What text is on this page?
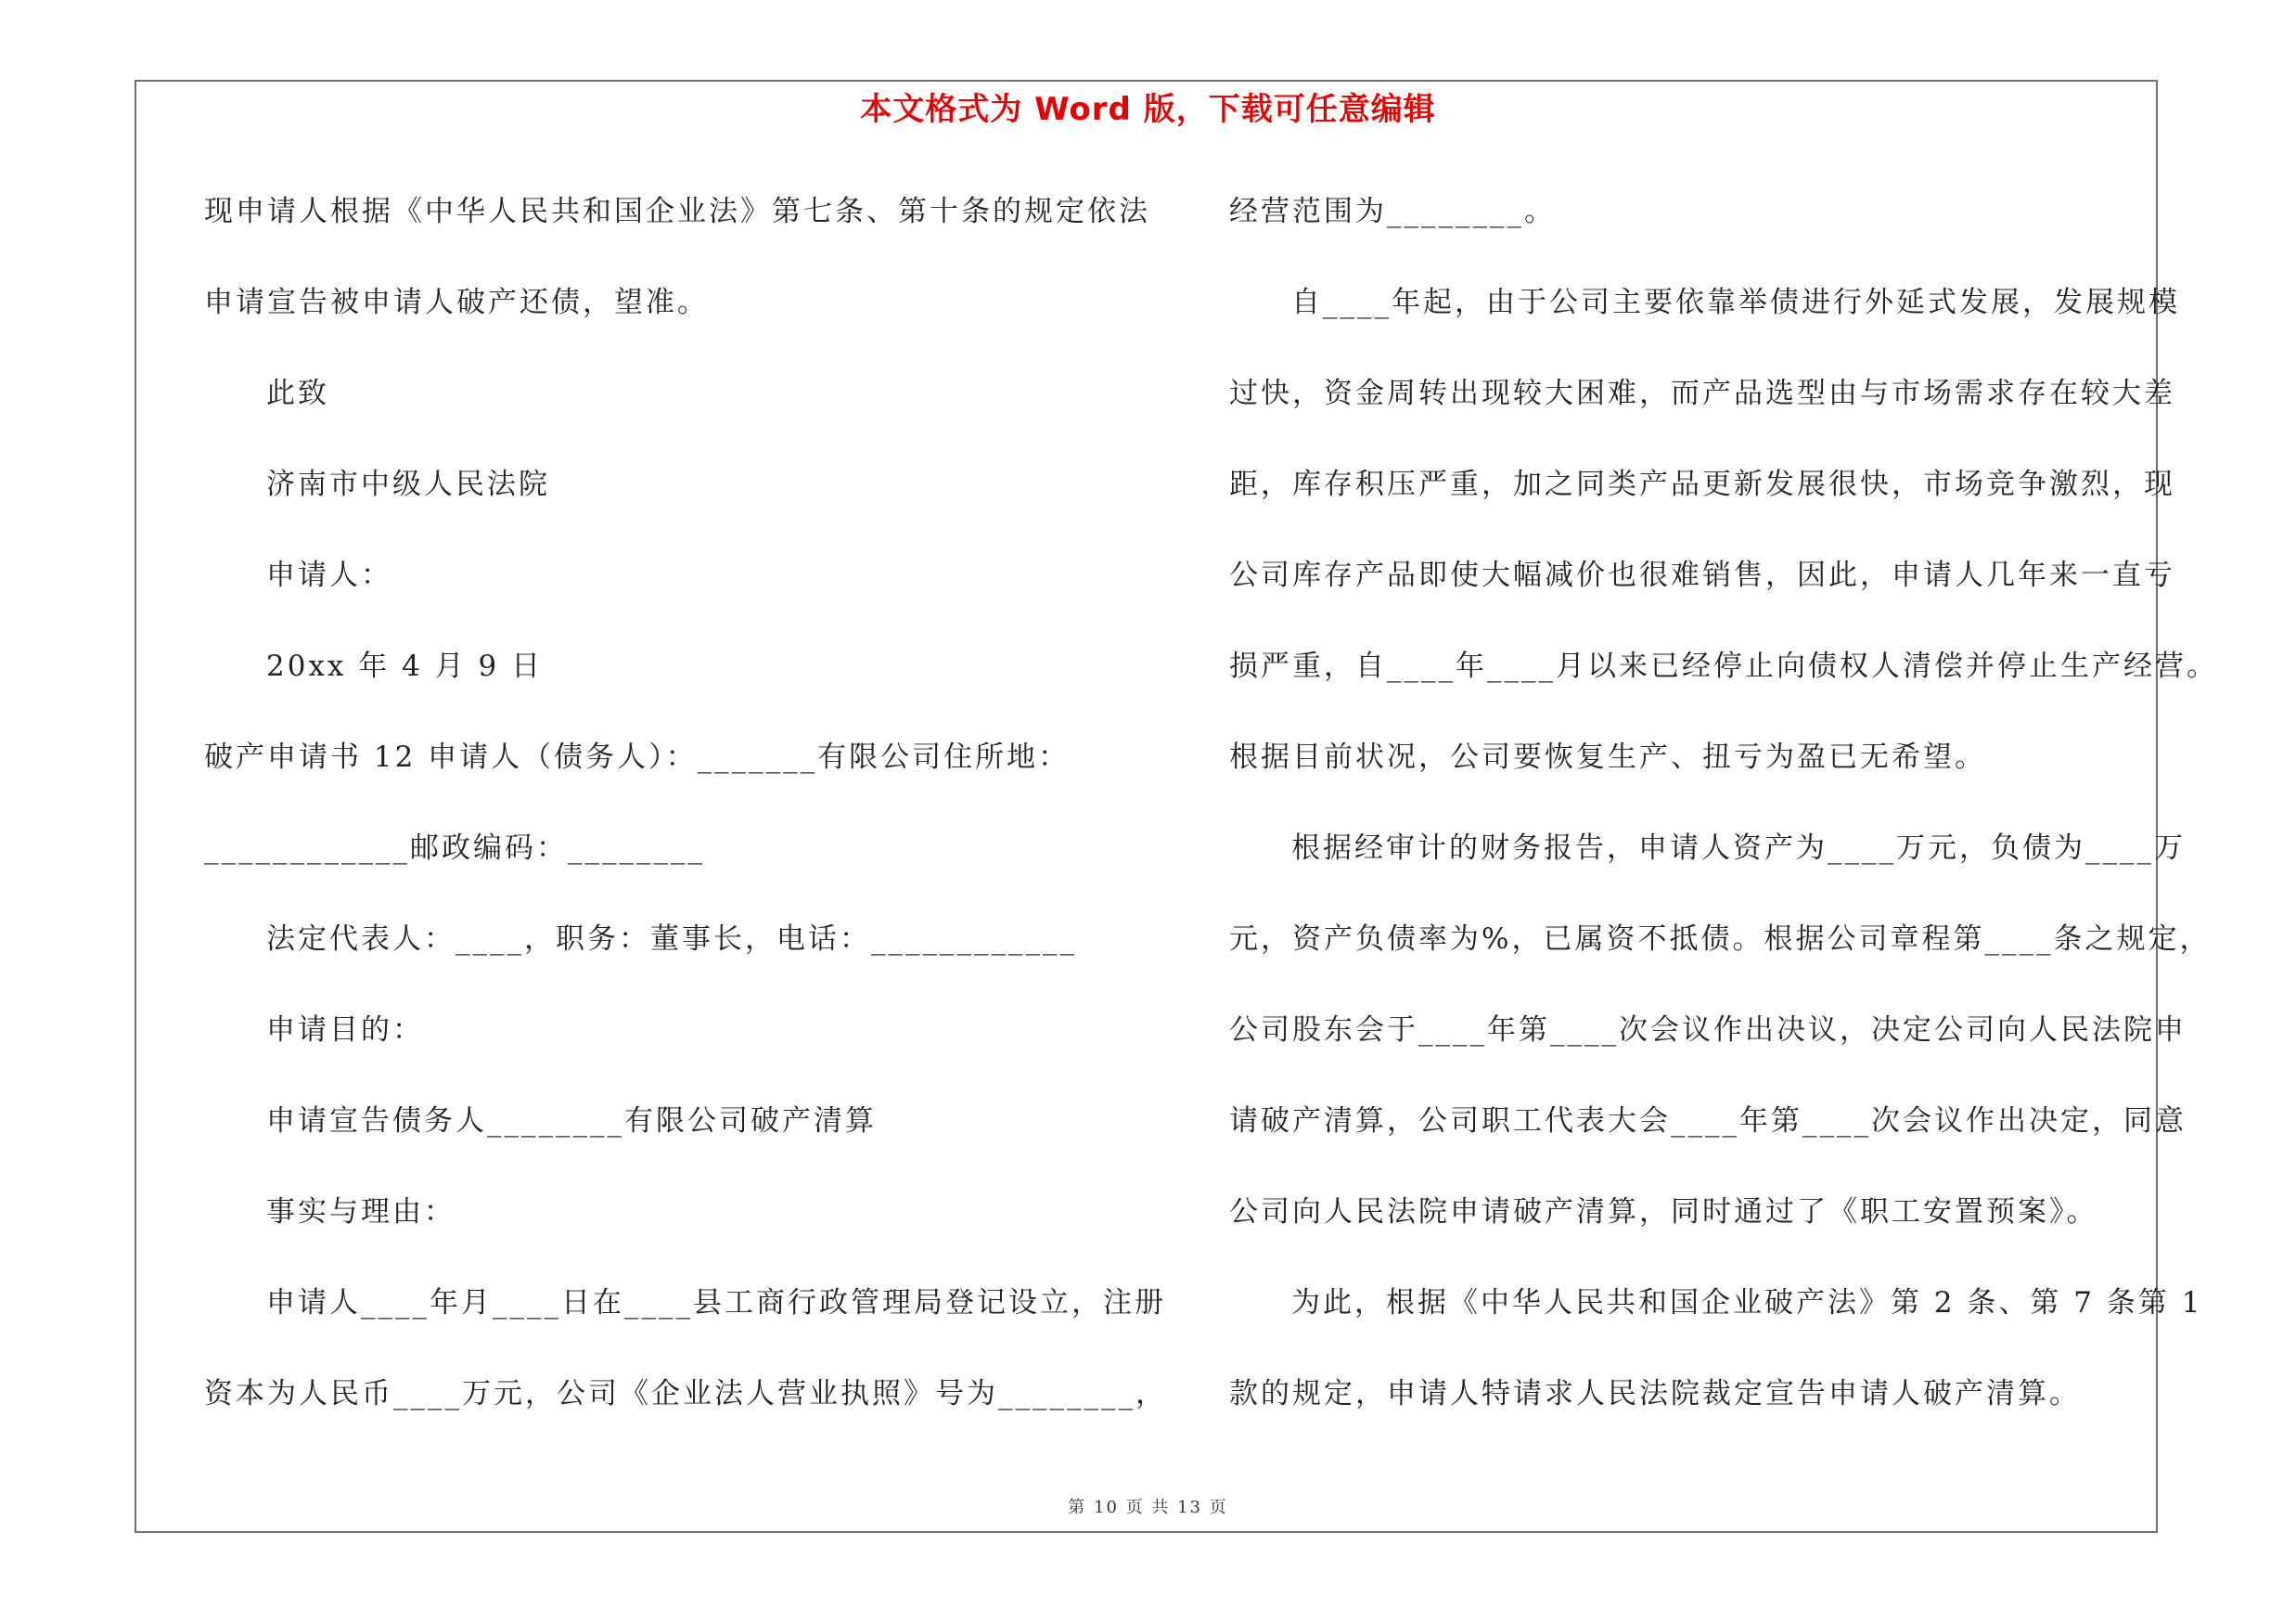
本文格式为 Word 版，下载可任意编辑
现申请人根据《中华人民共和国企业法》第七条、第十条的规定依法
申请宣告被申请人破产还债，望准。
此致
济南市中级人民法院
申请人：
20xx 年 4 月 9 日
破产申请书 12 申请人（债务人）：_______有限公司住所地：
____________邮政编码：________
法定代表人：____，职务：董事长，电话：____________
申请目的：
申请宣告债务人________有限公司破产清算
事实与理由：
申请人____年月____日在____县工商行政管理局登记设立，注册
资本为人民币____万元，公司《企业法人营业执照》号为________，
经营范围为________。
自____年起，由于公司主要依靠举债进行外延式发展，发展规模
过快，资金周转出现较大困难，而产品选型由与市场需求存在较大差
距，库存积压严重，加之同类产品更新发展很快，市场竞争激烈，现
公司库存产品即使大幅减价也很难销售，因此，申请人几年来一直亏
损严重，自____年____月以来已经停止向债权人清偿并停止生产经营。
根据目前状况，公司要恢复生产、扭亏为盈已无希望。
根据经审计的财务报告，申请人资产为____万元，负债为____万
元，资产负债率为%，已属资不抵债。根据公司章程第____条之规定，
公司股东会于____年第____次会议作出决议，决定公司向人民法院申
请破产清算，公司职工代表大会____年第____次会议作出决定，同意
公司向人民法院申请破产清算，同时通过了《职工安置预案》。
为此，根据《中华人民共和国企业破产法》第 2 条、第 7 条第 1
款的规定，申请人特请求人民法院裁定宣告申请人破产清算。
第 10 页 共 13 页
